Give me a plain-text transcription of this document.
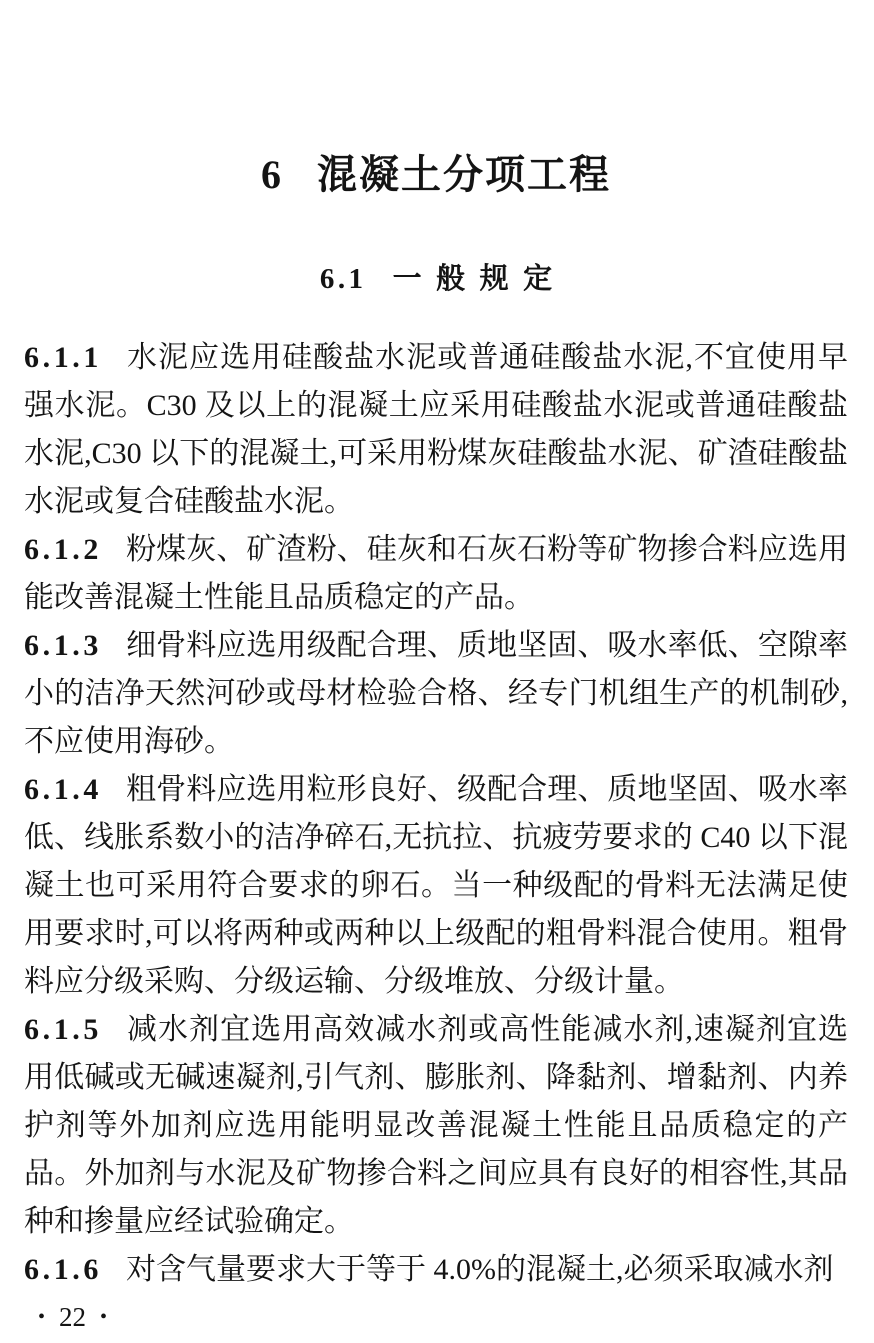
6 混凝土分项工程
6.1 一般规定

6.1.1 水泥应选用硅酸盐水泥或普通硅酸盐水泥,不宜使用早强水泥。C30 及以上的混凝土应采用硅酸盐水泥或普通硅酸盐水泥,C30 以下的混凝土,可采用粉煤灰硅酸盐水泥、矿渣硅酸盐水泥或复合硅酸盐水泥。

6.1.2 粉煤灰、矿渣粉、硅灰和石灰石粉等矿物掺合料应选用能改善混凝土性能且品质稳定的产品。

6.1.3 细骨料应选用级配合理、质地坚固、吸水率低、空隙率小的洁净天然河砂或母材检验合格、经专门机组生产的机制砂,不应使用海砂。

6.1.4 粗骨料应选用粒形良好、级配合理、质地坚固、吸水率低、线胀系数小的洁净碎石,无抗拉、抗疲劳要求的 C40 以下混凝土也可采用符合要求的卵石。当一种级配的骨料无法满足使用要求时,可以将两种或两种以上级配的粗骨料混合使用。粗骨料应分级采购、分级运输、分级堆放、分级计量。

6.1.5 减水剂宜选用高效减水剂或高性能减水剂,速凝剂宜选用低碱或无碱速凝剂,引气剂、膨胀剂、降黏剂、增黏剂、内养护剂等外加剂应选用能明显改善混凝土性能且品质稳定的产品。外加剂与水泥及矿物掺合料之间应具有良好的相容性,其品种和掺量应经试验确定。

6.1.6 对含气量要求大于等于 4.0%的混凝土,必须采取减水剂

• 22 •
